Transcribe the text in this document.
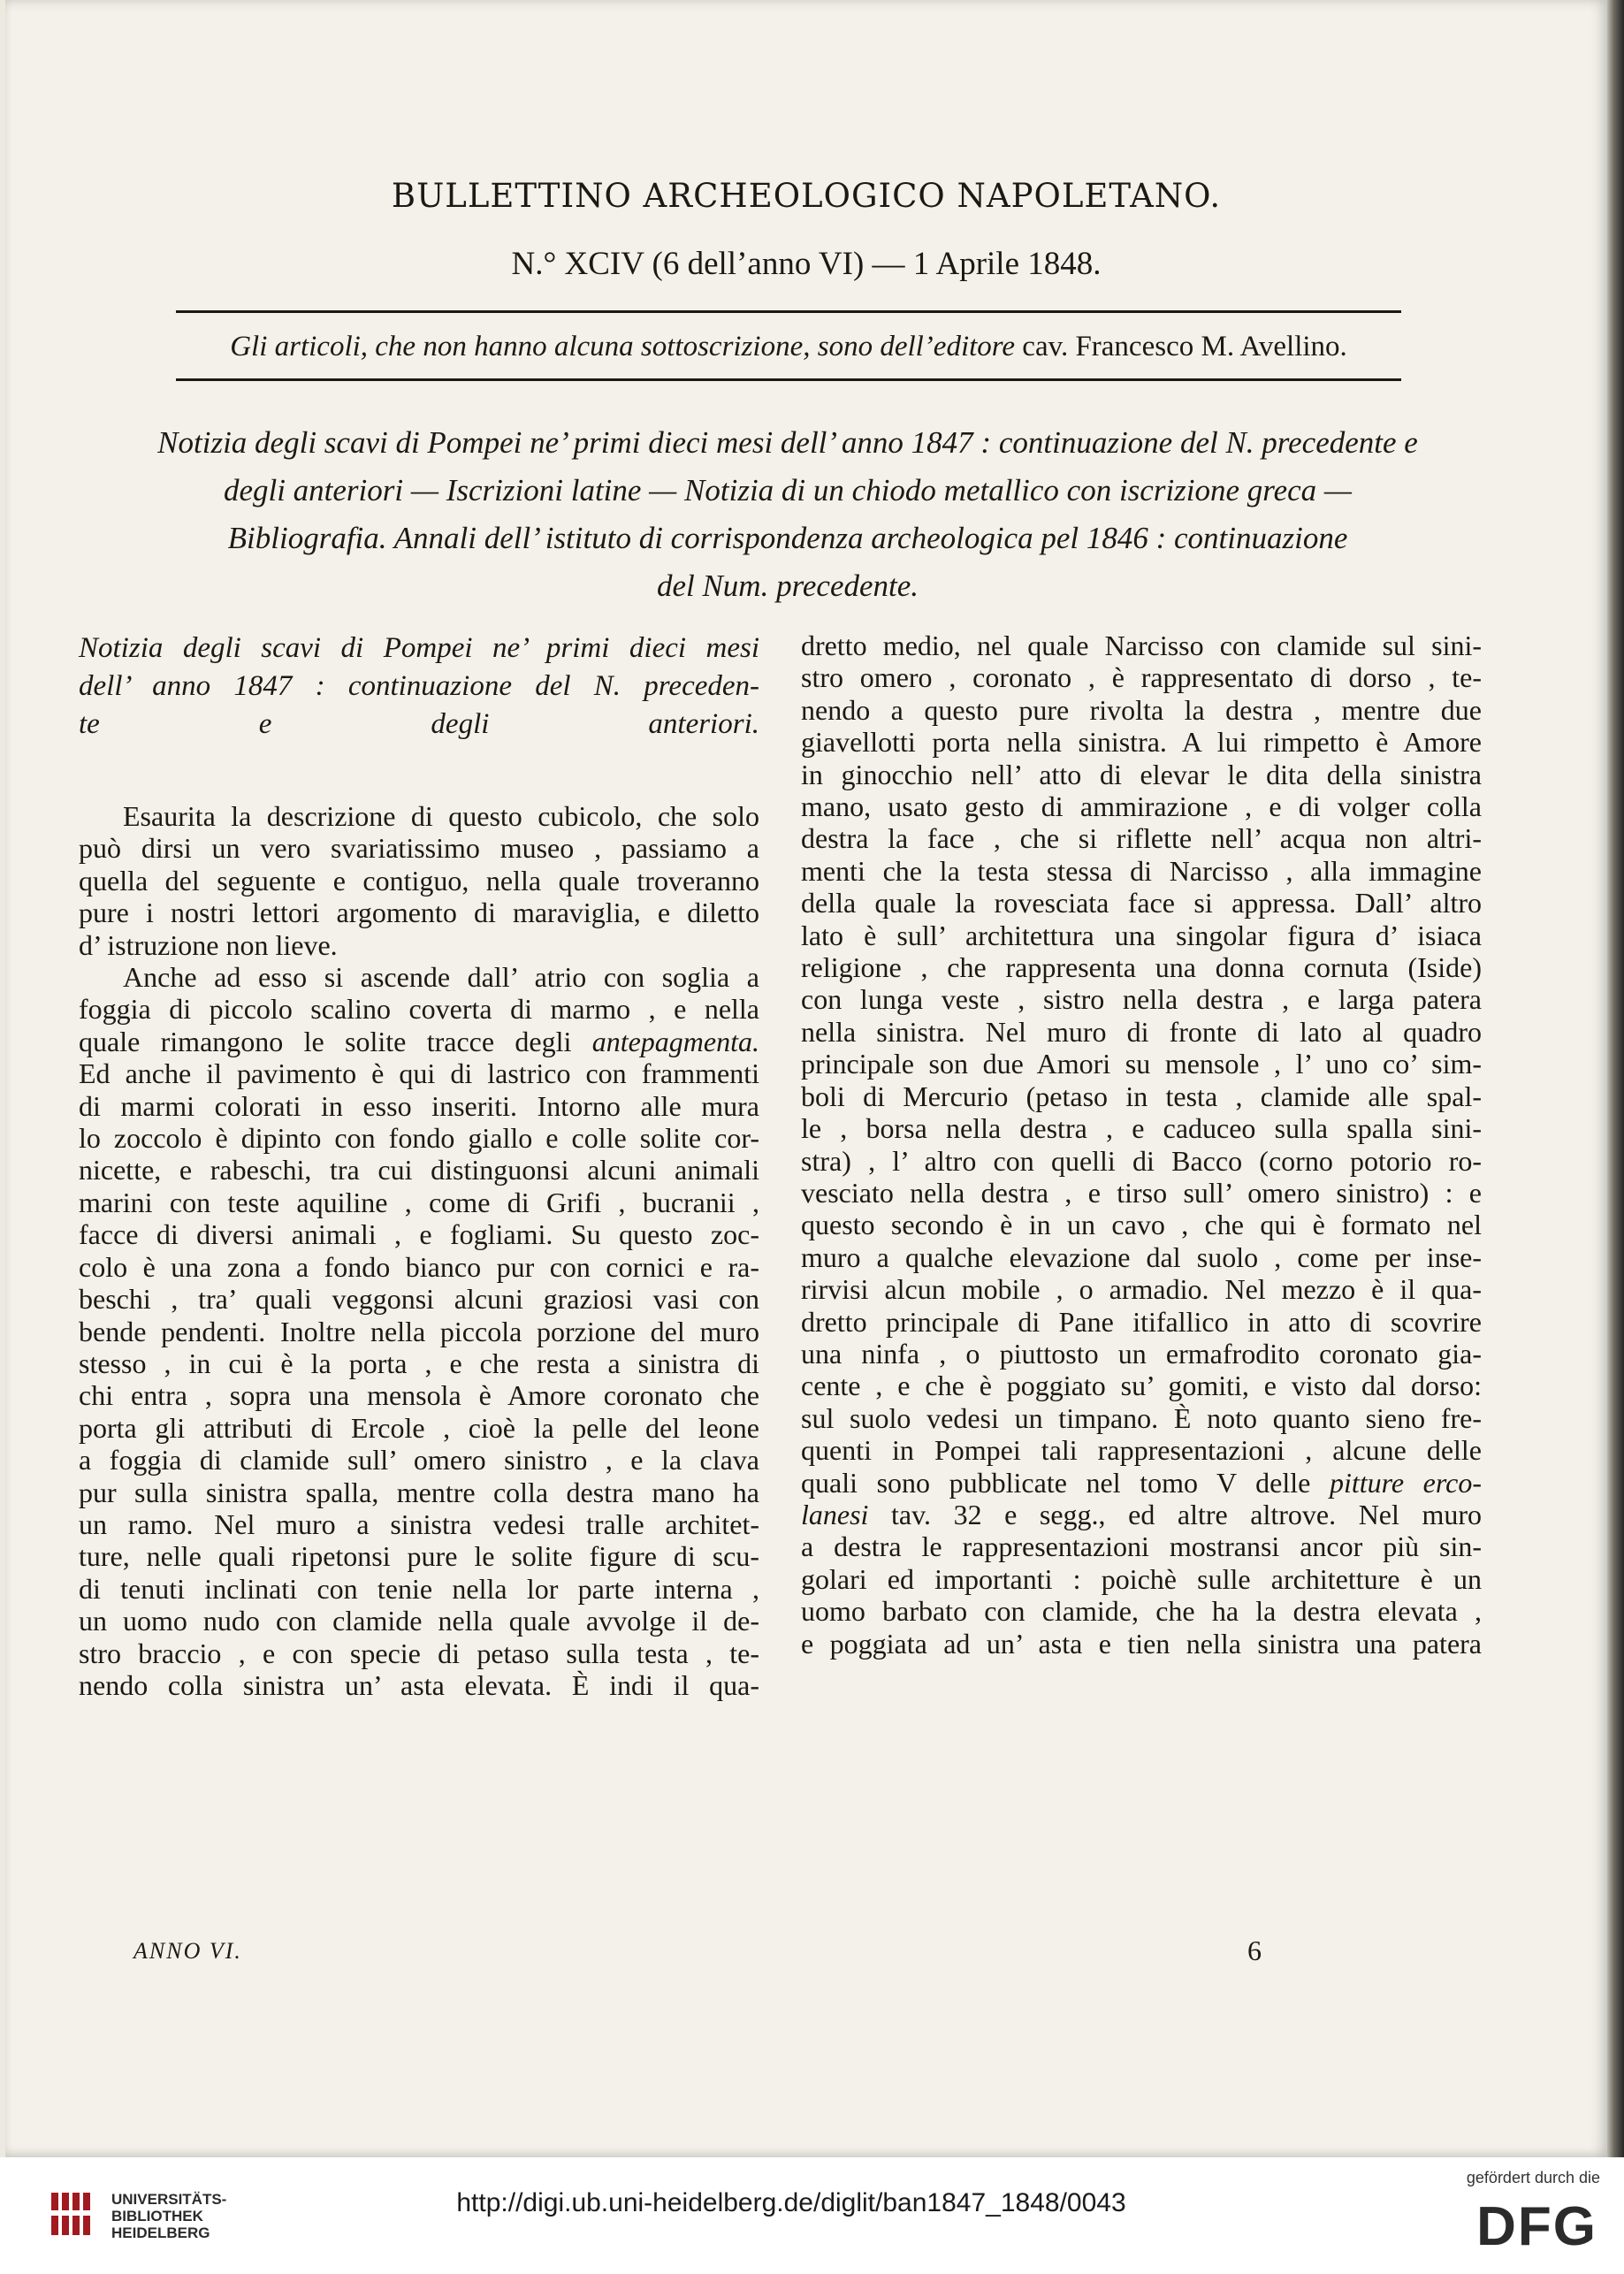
BULLETTINO ARCHEOLOGICO NAPOLETANO.
N.° XCIV (6 dell’anno VI) — 1 Aprile 1848.
Gli articoli, che non hanno alcuna sottoscrizione, sono dell’editore cav. Francesco M. Avellino.
Notizia degli scavi di Pompei ne’ primi dieci mesi dell’ anno 1847 : continuazione del N. precedente e
degli anteriori — Iscrizioni latine — Notizia di un chiodo metallico con iscrizione greca —
Bibliografia. Annali dell’ istituto di corrispondenza archeologica pel 1846 : continuazione
del Num. precedente.
Notizia degli scavi di Pompei ne’ primi dieci mesi
dell’ anno 1847 : continuazione del N. preceden-
te e degli anteriori.
Esaurita la descrizione di questo cubicolo, che solo
può dirsi un vero svariatissimo museo , passiamo a
quella del seguente e contiguo, nella quale troveranno
pure i nostri lettori argomento di maraviglia, e diletto
d’ istruzione non lieve.
Anche ad esso si ascende dall’ atrio con soglia a
foggia di piccolo scalino coverta di marmo , e nella
quale rimangono le solite tracce degli antepagmenta.
Ed anche il pavimento è qui di lastrico con frammenti
di marmi colorati in esso inseriti. Intorno alle mura
lo zoccolo è dipinto con fondo giallo e colle solite cor-
nicette, e rabeschi, tra cui distinguonsi alcuni animali
marini con teste aquiline , come di Grifi , bucranii ,
facce di diversi animali , e fogliami. Su questo zoc-
colo è una zona a fondo bianco pur con cornici e ra-
beschi , tra’ quali veggonsi alcuni graziosi vasi con
bende pendenti. Inoltre nella piccola porzione del muro
stesso , in cui è la porta , e che resta a sinistra di
chi entra , sopra una mensola è Amore coronato che
porta gli attributi di Ercole , cioè la pelle del leone
a foggia di clamide sull’ omero sinistro , e la clava
pur sulla sinistra spalla, mentre colla destra mano ha
un ramo. Nel muro a sinistra vedesi tralle architet-
ture, nelle quali ripetonsi pure le solite figure di scu-
di tenuti inclinati con tenie nella lor parte interna ,
un uomo nudo con clamide nella quale avvolge il de-
stro braccio , e con specie di petaso sulla testa , te-
nendo colla sinistra un’ asta elevata. È indi il qua-
dretto medio, nel quale Narcisso con clamide sul sini-
stro omero , coronato , è rappresentato di dorso , te-
nendo a questo pure rivolta la destra , mentre due
giavellotti porta nella sinistra. A lui rimpetto è Amore
in ginocchio nell’ atto di elevar le dita della sinistra
mano, usato gesto di ammirazione , e di volger colla
destra la face , che si riflette nell’ acqua non altri-
menti che la testa stessa di Narcisso , alla immagine
della quale la rovesciata face si appressa. Dall’ altro
lato è sull’ architettura una singolar figura d’ isiaca
religione , che rappresenta una donna cornuta (Iside)
con lunga veste , sistro nella destra , e larga patera
nella sinistra. Nel muro di fronte di lato al quadro
principale son due Amori su mensole , l’ uno co’ sim-
boli di Mercurio (petaso in testa , clamide alle spal-
le , borsa nella destra , e caduceo sulla spalla sini-
stra) , l’ altro con quelli di Bacco (corno potorio ro-
vesciato nella destra , e tirso sull’ omero sinistro) : e
questo secondo è in un cavo , che qui è formato nel
muro a qualche elevazione dal suolo , come per inse-
rirvisi alcun mobile , o armadio. Nel mezzo è il qua-
dretto principale di Pane itifallico in atto di scovrire
una ninfa , o piuttosto un ermafrodito coronato gia-
cente , e che è poggiato su’ gomiti, e visto dal dorso:
sul suolo vedesi un timpano. È noto quanto sieno fre-
quenti in Pompei tali rappresentazioni , alcune delle
quali sono pubblicate nel tomo V delle pitture erco-
lanesi tav. 32 e segg., ed altre altrove. Nel muro
a destra le rappresentazioni mostransi ancor più sin-
golari ed importanti : poichè sulle architetture è un
uomo barbato con clamide, che ha la destra elevata ,
e poggiata ad un’ asta e tien nella sinistra una patera
ANNO VI.	6
UNIVERSITÄTS-
BIBLIOTHEK
HEIDELBERG
http://digi.ub.uni-heidelberg.de/diglit/ban1847_1848/0043
gefördert durch die
DFG
